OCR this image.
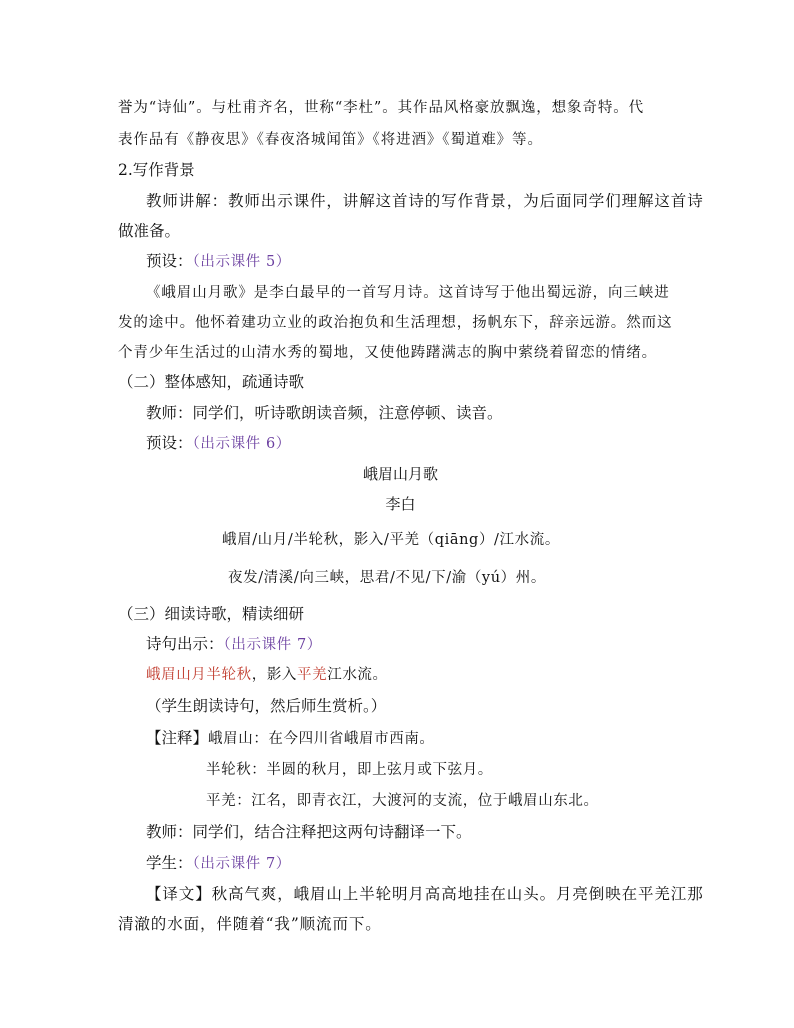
誉为“诗仙”。与杜甫齐名，世称“李杜”。其作品风格豪放飘逸，想象奇特。代
表作品有《静夜思》《春夜洛城闻笛》《将进酒》《蜀道难》等。
2.写作背景
教师讲解：教师出示课件，讲解这首诗的写作背景，为后面同学们理解这首诗
做准备。
预设：（出示课件 5）
《峨眉山月歌》是李白最早的一首写月诗。这首诗写于他出蜀远游，向三峡进
发的途中。他怀着建功立业的政治抱负和生活理想，扬帆东下，辞亲远游。然而这
个青少年生活过的山清水秀的蜀地，又使他踌躇满志的胸中萦绕着留恋的情绪。
（二）整体感知，疏通诗歌
教师：同学们，听诗歌朗读音频，注意停顿、读音。
预设：（出示课件 6）
峨眉山月歌
李白
峨眉/山月/半轮秋，影入/平羌（qiāng）/江水流。
夜发/清溪/向三峡，思君/不见/下/渝（yú）州。
（三）细读诗歌，精读细研
诗句出示：（出示课件 7）
峨眉山月半轮秋，影入平羌江水流。
（学生朗读诗句，然后师生赏析。）
【注释】峨眉山：在今四川省峨眉市西南。
半轮秋：半圆的秋月，即上弦月或下弦月。
平羌：江名，即青衣江，大渡河的支流，位于峨眉山东北。
教师：同学们，结合注释把这两句诗翻译一下。
学生：（出示课件 7）
【译文】秋高气爽，峨眉山上半轮明月高高地挂在山头。月亮倒映在平羌江那
清澈的水面，伴随着“我”顺流而下。
